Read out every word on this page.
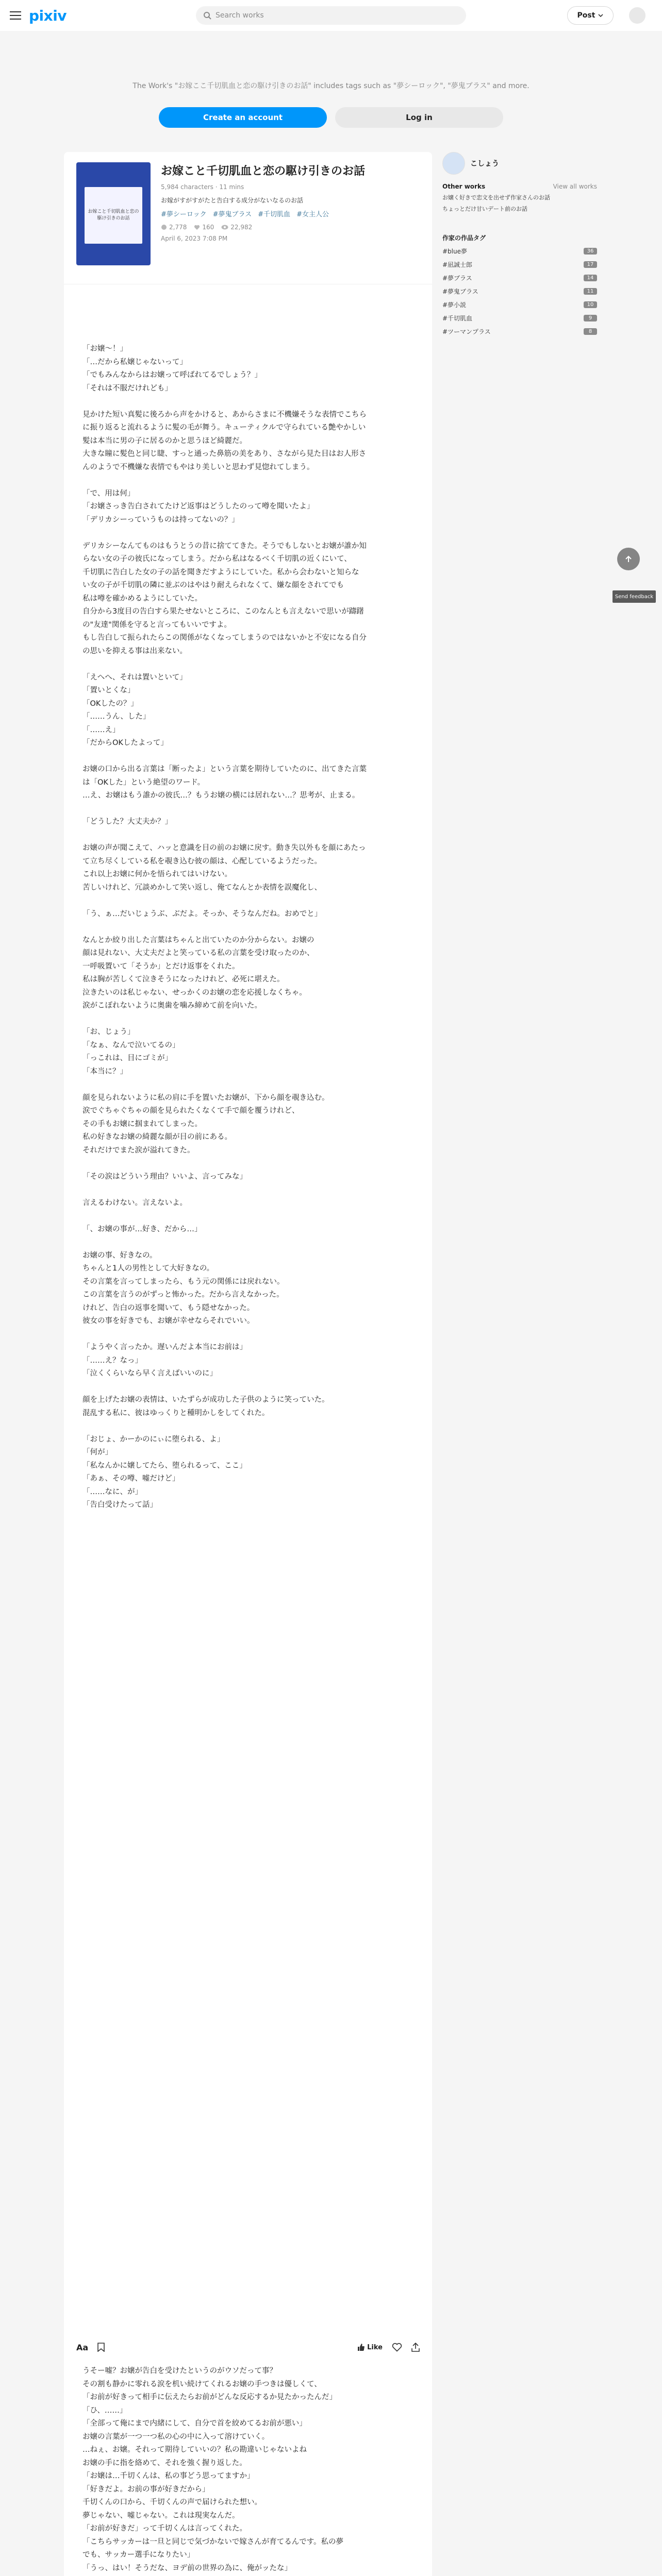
pixiv	Search works	Post
The Work's "お嫁ここ千切肌血と恋の駆け引きのお話" includes tags such as "夢シーロック", "夢鬼ブラス" and more.
Create an account	Log in
お嫁こと千切肌血と恋の駆け引きのお話
お嫁こと千切肌血と恋の駆け引きのお話
5,984 characters · 11 mins
お嫁がすがすがたと告白する成分がないなるのお話
#夢シーロック #夢鬼ブラス #千切肌血 #女主人公
2,778	160	22,982
April 6, 2023 7:08 PM

「お嬢〜！」

「…だから私嬢じゃないって」

「でもみんなからはお嬢って呼ばれてるでしょう？」

「それは不服だけれども」

見かけた短い真髪に後ろから声をかけると、あからさまに不機嫌そうな表情でこちら

に振り返ると流れるように髪の毛が舞う。キューティクルで守られている艶やかしい

髪は本当に男の子に居るのかと思うほど綺麗だ。

大きな瞳に髪色と同じ睫、すっと通った鼻筋の美をあり、さながら見た目はお人形さ

んのようで不機嫌な表情でもやはり美しいと思わず見惚れてしまう。

「で、用は何」

「お嬢さっき告白されてたけど返事はどうしたのって噂を聞いたよ」

「デリカシーっていうものは持ってないの？」

デリカシーなんてものはもうとうの昔に捨ててきた。そうでもしないとお嬢が誰か知

らない女の子の彼氏になってしまう。だから私はなるべく千切肌の近くにいて、

千切肌に告白した女の子の話を聞きだすようにしていた。私から会わないと知らな

い女の子が千切肌の隣に並ぶのはやはり耐えられなくて、嫌な顔をされてでも

私は噂を確かめるようにしていた。

自分から3度目の告白すら果たせないところに、このなんとも言えないで思いが躊躇

の"友達"関係を守ると言ってもいいですよ。

もし告白して振られたらこの関係がなくなってしまうのではないかと不安になる自分

の思いを抑える事は出来ない。

「えへへ、それは置いといて」

「置いとくな」

「OKしたの？」

「……うん、した」

「……え」

「だからOKしたよって」

お嬢の口から出る言葉は「断ったよ」という言葉を期待していたのに、出てきた言葉

は「OKした」という絶望のワード。

…え、お嬢はもう誰かの彼氏…？もうお嬢の横には居れない…？思考が、止まる。

「どうした？大丈夫か？」

お嬢の声が聞こえて、ハッと意識を目の前のお嬢に戻す。動き失以外もを顔にあたっ

て立ち尽くしている私を覗き込む彼の顔は、心配しているようだった。

これ以上お嬢に何かを悟られてはいけない。

苦しいけれど、冗談めかして笑い返し、俺てなんとか表情を誤魔化し、

「う、ぁ…だいじょうぶ、ぶだよ。そっか、そうなんだね。おめでと」

なんとか絞り出した言葉はちゃんと出ていたのか分からない。お嬢の

顔は見れない、大丈夫だよと笑っている私の言葉を受け取ったのか、

一呼吸置いて「そうか」とだけ返事をくれた。

私は胸が苦しくて泣きそうになったけれど、必死に堪えた。

泣きたいのは私じゃない、せっかくのお嬢の恋を応援しなくちゃ。

涙がこぼれないように奥歯を噛み締めて前を向いた。

「お、じょう」

「なぁ、なんで泣いてるの」

「っこれは、目にゴミが」

「本当に？」

顔を見られないように私の肩に手を置いたお嬢が、下から顔を覗き込む。

涙でぐちゃぐちゃの顔を見られたくなくて手で顔を覆うけれど、

その手もお嬢に掴まれてしまった。

私の好きなお嬢の綺麗な顔が目の前にある。

それだけでまた涙が溢れてきた。

「その涙はどういう理由？いいよ、言ってみな」

言えるわけない。言えないよ。

「、お嬢の事が…好き、だから…」

お嬢の事、好きなの。

ちゃんと1人の男性として大好きなの。

その言葉を言ってしまったら、もう元の関係には戻れない。

この言葉を言うのがずっと怖かった。だから言えなかった。

けれど、告白の返事を聞いて、もう隠せなかった。

彼女の事を好きでも、お嬢が幸せならそれでいい。

「ようやく言ったか。遅いんだよ本当にお前は」

「……え？なっ」

「泣くくらいなら早く言えばいいのに」

顔を上げたお嬢の表情は、いたずらが成功した子供のように笑っていた。

混乱する私に、彼はゆっくりと種明かしをしてくれた。

「おじょ、かーかのにぃに堕られる、よ」

「何が」

「私なんかに嬢してたら、堕られるって、ここ」

「あぁ、その噂、嘘だけど」

「……なに、が」

「告白受けたって話」

Aa	Like

うそー嘘？お嬢が告白を受けたというのがウソだって事？

その割も静かに零れる涙を机い続けてくれるお嬢の手つきは優しくて、

「お前が好きって相手に伝えたらお前がどんな反応するか見たかったんだ」

「ひ、……」

「全部って俺にまで内緒にして、自分で首を絞めてるお前が悪い」

お嬢の言葉が一つ一つ私の心の中に入って溶けていく。

…ねぇ、お嬢。それって期待していいの？私の勘違いじゃないよね

お嬢の手に指を絡めて、それを強く握り返した。

「お嬢は…千切くんは、私の事どう思ってますか」

「好きだよ。お前の事が好きだから」

千切くんの口から、千切くんの声で届けられた想い。

夢じゃない、嘘じゃない。これは現実なんだ。

「お前が好きだ」って千切くんは言ってくれた。

「こちらサッカーは一旦と同じで気づかないで嫁さんが育てるんです。私の夢

でも、サッカー選手になりたい」

「うっ、はい！そうだな、ヨデ前の世界の為に、俺がッたな」

こしょう
Other works	View all works
お嬢く好きで恋文を出せず作家さんのお話
ちょっとだけ甘いデート前のお話
作家の作品タグ
#blue夢	36
#凪誠士郎	17
#夢ブラス	14
#夢鬼ブラス	11
#夢小説	10
#千切肌血	9
#ツーマンプラス	8
Send feedback
